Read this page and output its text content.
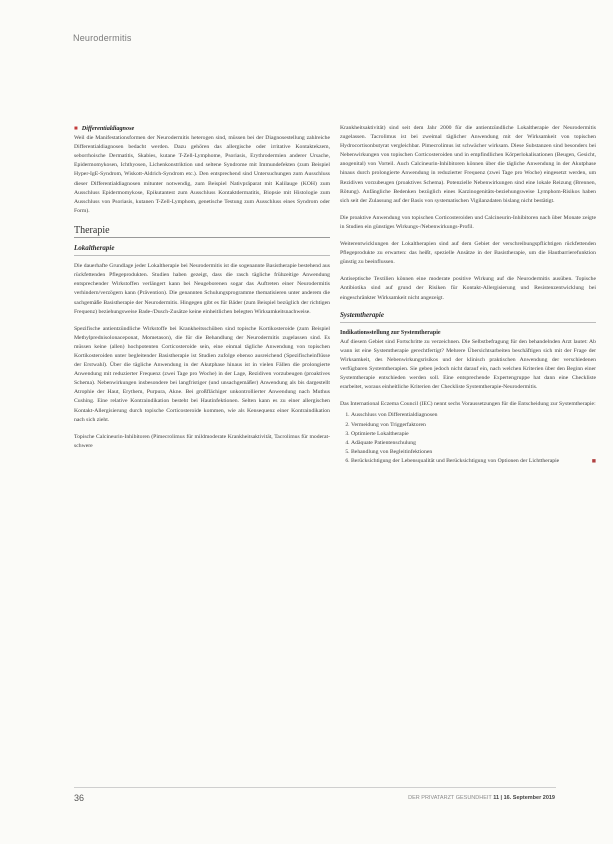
Neurodermitis

■ Differentialdiagnose
Weil die Manifestationsformen der Neurodermitis heterogen sind, müssen bei der Diagnosestellung zahlreiche Differentialdiagnosen bedacht werden. Dazu gehören das allergische oder irritative Kontaktekzem, seborrhoische Dermatitis, Skabies, kutane T-Zell-Lymphome, Psoriasis, Erythrodermien anderer Ursache, Epidermomykosen, Ichthyosen, Lichenkonstriktion und seltene Syndrome mit Immundefekten (zum Beispiel Hyper-IgE-Syndrom, Wiskott-Aldrich-Syndrom etc.). Den entsprechend sind Untersuchungen zum Ausschluss dieser Differentialdiagnosen mitunter notwendig, zum Beispiel Nativpräparat mit Kalilauge (KOH) zum Ausschluss Epidermomykose, Epikutantest zum Ausschluss Kontaktdermatitis, Biopsie mit Histologie zum Ausschluss von Psoriasis, kutanen T-Zell-Lymphom, genetische Testung zum Ausschluss eines Syndrom oder Form).

Therapie
Lokaltherapie

Die dauerhafte Grundlage jeder Lokaltherapie bei Neurodermitis ist die sogenannte Basistherapie bestehend aus rückfettenden Pflegeprodukten. Studien haben gezeigt, dass die rasch tägliche frühzeitige Anwendung entsprechender Wirkstoffen verlängert kann bei Neugeborenen sogar das Auftreten einer Neurodermitis verhindern/verzögern kann (Prävention). Die genannten Schulungsprogramme thematisieren unter anderem die sachgemäße Basistherapie der Neurodermitis. Hingegen gibt es für Bäder (zum Beispiel bezüglich der richtigen Frequenz) beziehungsweise Bade-/Dusch-Zusätze keine einheitlichen belegten Wirksamkeitsnachweise.

Spezifische antientzündliche Wirkstoffe bei Krankheitsschüben sind topische Kortikosteroide (zum Beispiel Methylprednisolonaceponat, Mometason), die für die Behandlung der Neurodermitis zugelassen sind. Es müssen keine (allen) hochpotenten Corticosteroide sein, eine einmal tägliche Anwendung von topischen Kortikosteroiden unter begleitender Basistherapie ist Studien zufolge ebenso ausreichend (Spezifischeinflüsse der Erstwahl). Über die tägliche Anwendung in der Akutphase hinaus ist in vielen Fällen die prolongierte Anwendung mit reduzierter Frequenz (zwei Tage pro Woche) in der Lage, Rezidiven vorzubeugen (proaktives Schema). Nebenwirkungen insbesondere bei langfristiger (und unsachgemäßer) Anwendung als bis dargestellt Atrophie der Haut, Erythem, Purpura, Akne. Bei großflächiger unkontrollierter Anwendung nach Muthus Cushing. Eine relative Kontraindikation besteht bei Hautinfektionen. Selten kann es zu einer allergischen Kontakt-Allergisierung durch topische Corticosteroide kommen, wie als Kensequenz einer Kontraindikation nach sich zieht.

Topische Calcineurin-Inhibitoren (Pimecrolimus für mildmoderate Krankheitsaktivität, Tacrolimus für moderat-schwere

Krankheitsaktivität) sind seit dem Jahr 2000 für die antientzündliche Lokaltherapie der Neurodermitis zugelassen. Tacrolimus ist bei zweimal täglicher Anwendung mit der Wirksamkeit von topischen Hydrocortisonbutyrat vergleichbar. Pimecrolimus ist schwächer wirksam. Diese Substanzen sind besonders bei Nebenwirkungen von topischen Corticosteroiden und in empfindlichen Körperlokalisationen (Beugen, Gesicht, anogenital) von Vorteil. Auch Calcineurin-Inhibitoren können über die tägliche Anwendung in der Akutphase hinaus durch prolongierte Anwendung in reduzierter Frequenz (zwei Tage pro Woche) eingesetzt werden, um Rezidiven vorzubeugen (proaktives Schema). Potenzielle Nebenwirkungen sind eine lokale Reizung (Brennen, Rötung). Anfängliche Bedenken bezüglich eines Karzinogenitäts-beziehungsweise Lymphom-Risikos haben sich seit der Zulassung auf der Basis von systematischen Vigilanzdaten bislang nicht bestätigt.

Die proaktive Anwendung von topischen Corticosteroiden und Calcineurin-Inhibitoren nach über Monate zeigte in Studien ein günstiges Wirkungs-/Nebenwirkungs-Profil.

Weiterentwicklungen der Lokaltherapien sind auf dem Gebiet der verschreibungspflichtigen rückfettenden Pflegeprodukte zu erwarten: das heißt, spezielle Ansätze in der Basistherapie, um die Hautbarrierefunktion günstig zu beeinflussen.

Antiseptische Textilien können eine moderate positive Wirkung auf die Neurodermitis ausüben. Topische Antibiotika sind auf grund der Risiken für Kontakt-Allergisierung und Resistenzentwicklung bei eingeschränkter Wirksamkeit nicht angezeigt.

Systemtherapie
Indikationsstellung zur Systemtherapie

Auf diesem Gebiet sind Fortschritte zu verzeichnen. Die Selbstbefragung für den behandelnden Arzt lautet: Ab wann ist eine Systemtherapie gerechtfertigt? Mehrere Übersichtsarbeiten beschäftigen sich mit der Frage der Wirksamkeit, des Nebenwirkungsrisikos und der klinisch praktischen Anwendung der verschiedenen verfügbaren Systemtherapien. Sie geben jedoch nicht darauf ein, nach welchen Kriterien über den Beginn einer Systemtherapie entschieden werden soll. Eine entsprechende Expertengruppe hat dann eine Checkliste erarbeitet, woraus einheitliche Kriterien der Checkliste Systemtherapie-Neurodermitis.

Das International Eczema Council (IEC) nennt sechs Voraussetzungen für die Entscheidung zur Systemtherapie:

1. Ausschluss von Differentialdiagnosen
2. Vermeidung von Triggerfaktoren
3. Optimierte Lokaltherapie
4. Adäquate Patientenschulung
5. Behandlung von Begleitinfektionen
6. Berücksichtigung der Lebensqualität und Berücksichtigung von Optionen der Lichttherapie	■
36	DER PRIVATARZT GESUNDHEIT 11 | 16. September 2019
